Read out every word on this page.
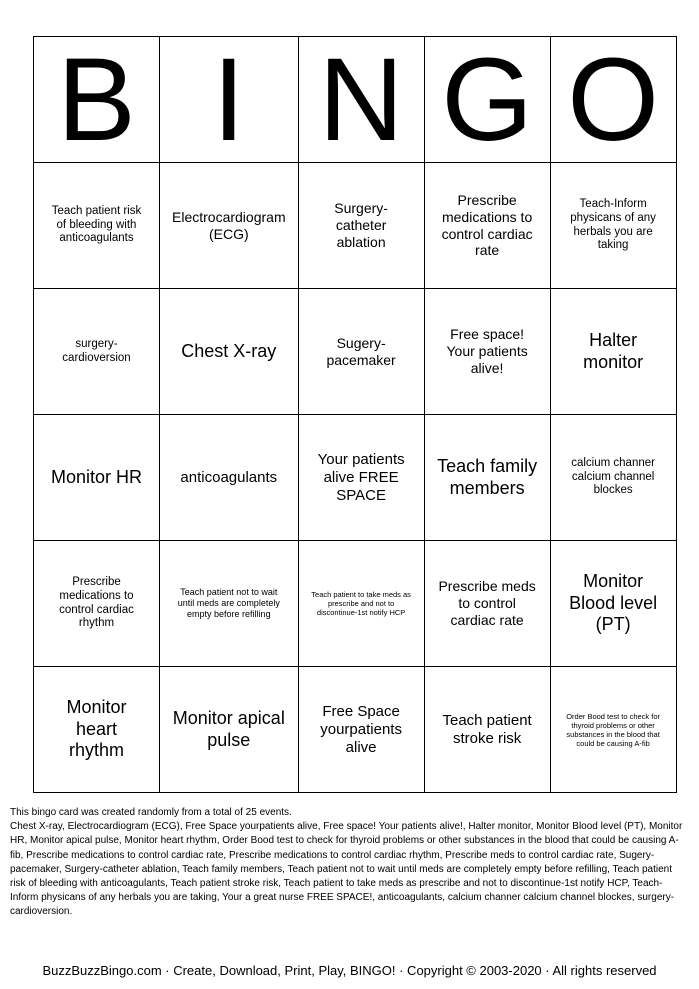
B	I	N	G	O
Teach patient risk of bleeding with anticoagulants	Electrocardiogram (ECG)	Surgery-catheter ablation	Prescribe medications to control cardiac rate	Teach-Inform physicans of any herbals you are taking
surgery-cardioversion	Chest X-ray	Sugery-pacemaker	Free space! Your patients alive!	Halter monitor
Monitor HR	anticoagulants	Your patients alive FREE SPACE	Teach family members	calcium channer calcium channel blockes
Prescribe medications to control cardiac rhythm	Teach patient not to wait until meds are completely empty before refilling	Teach patient to take meds as prescribe and not to discontinue-1st notify HCP	Prescribe meds to control cardiac rate	Monitor Blood level (PT)
Monitor heart rhythm	Monitor apical pulse	Free Space yourpatients alive	Teach patient stroke risk	Order Bood test to check for thyroid problems or other substances in the blood that could be causing A-fib

This bingo card was created randomly from a total of 25 events.

Chest X-ray, Electrocardiogram (ECG), Free Space yourpatients alive, Free space! Your patients alive!, Halter monitor, Monitor Blood level (PT), Monitor HR, Monitor apical pulse, Monitor heart rhythm, Order Bood test to check for thyroid problems or other substances in the blood that could be causing A-fib, Prescribe medications to control cardiac rate, Prescribe medications to control cardiac rhythm, Prescribe meds to control cardiac rate, Sugery-pacemaker, Surgery-catheter ablation, Teach family members, Teach patient not to wait until meds are completely empty before refilling, Teach patient risk of bleeding with anticoagulants, Teach patient stroke risk, Teach patient to take meds as prescribe and not to discontinue-1st notify HCP, Teach-Inform physicans of any herbals you are taking, Your a great nurse FREE SPACE!, anticoagulants, calcium channer calcium channel blockes, surgery-cardioversion.

BuzzBuzzBingo.com · Create, Download, Print, Play, BINGO! · Copyright © 2003-2020 · All rights reserved
